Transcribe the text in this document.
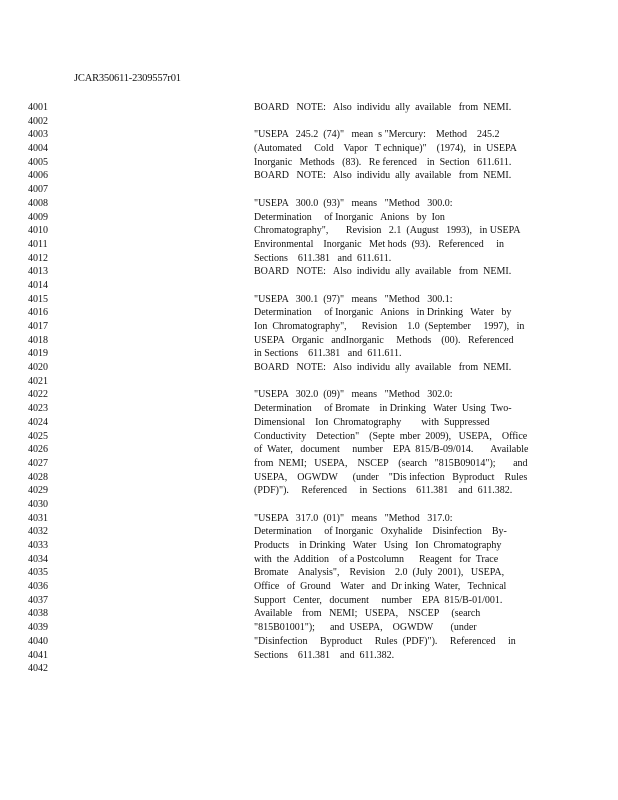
JCAR350611-2309557r01
4001
4002
4003
4004
4005
4006
4007
4008
4009
4010
4011
4012
4013
4014
4015
4016
4017
4018
4019
4020
4021
4022
4023
4024
4025
4026
4027
4028
4029
4030
4031
4032
4033
4034
4035
4036
4037
4038
4039
4040
4041
4042
BOARD   NOTE:   Also  individu  ally  available   from  NEMI.
"USEPA   245.2  (74)"   mean  s "Mercury:    Method    245.2
(Automated     Cold    Vapor   T echnique)"    (1974),   in  USEPA
Inorganic   Methods   (83).   Re ferenced    in  Section   611.611.
BOARD   NOTE:   Also  individu  ally  available   from  NEMI.
"USEPA   300.0  (93)"   means   "Method   300.0:
Determination     of Inorganic   Anions   by  Ion
Chromatography",       Revision   2.1  (August   1993),   in USEPA
Environmental    Inorganic   Met hods  (93).   Referenced     in
Sections    611.381   and  611.611.
BOARD   NOTE:   Also  individu  ally  available   from  NEMI.
"USEPA   300.1  (97)"   means   "Method   300.1:
Determination     of Inorganic   Anions   in Drinking   Water   by
Ion  Chromatography",      Revision    1.0  (September     1997),   in
USEPA   Organic   andInorganic     Methods    (00).   Referenced
in Sections    611.381   and  611.611.
BOARD   NOTE:   Also  individu  ally  available   from  NEMI.
"USEPA   302.0  (09)"   means   "Method   302.0:
Determination     of Bromate    in Drinking   Water  Using  Two-
Dimensional    Ion  Chromatography        with  Suppressed
Conductivity    Detection"    (Septe  mber  2009),   USEPA,    Office
of  Water,   document     number    EPA  815/B-09/014.       Available
from  NEMI;   USEPA,    NSCEP    (search   "815B09014");       and
USEPA,    OGWDW      (under    "Dis infection   Byproduct    Rules
(PDF)").     Referenced     in  Sections    611.381    and  611.382.
"USEPA   317.0  (01)"   means   "Method   317.0:
Determination     of Inorganic   Oxyhalide    Disinfection    By-
Products    in Drinking   Water   Using   Ion  Chromatography
with  the  Addition    of a Postcolumn      Reagent   for  Trace
Bromate    Analysis",    Revision    2.0  (July  2001),   USEPA,
Office   of  Ground    Water   and  Dr inking  Water,   Technical
Support   Center,   document     number    EPA  815/B-01/001.
Available    from   NEMI;   USEPA,    NSCEP     (search
"815B01001");      and  USEPA,    OGWDW       (under
"Disinfection     Byproduct     Rules  (PDF)").     Referenced     in
Sections    611.381    and  611.382.
